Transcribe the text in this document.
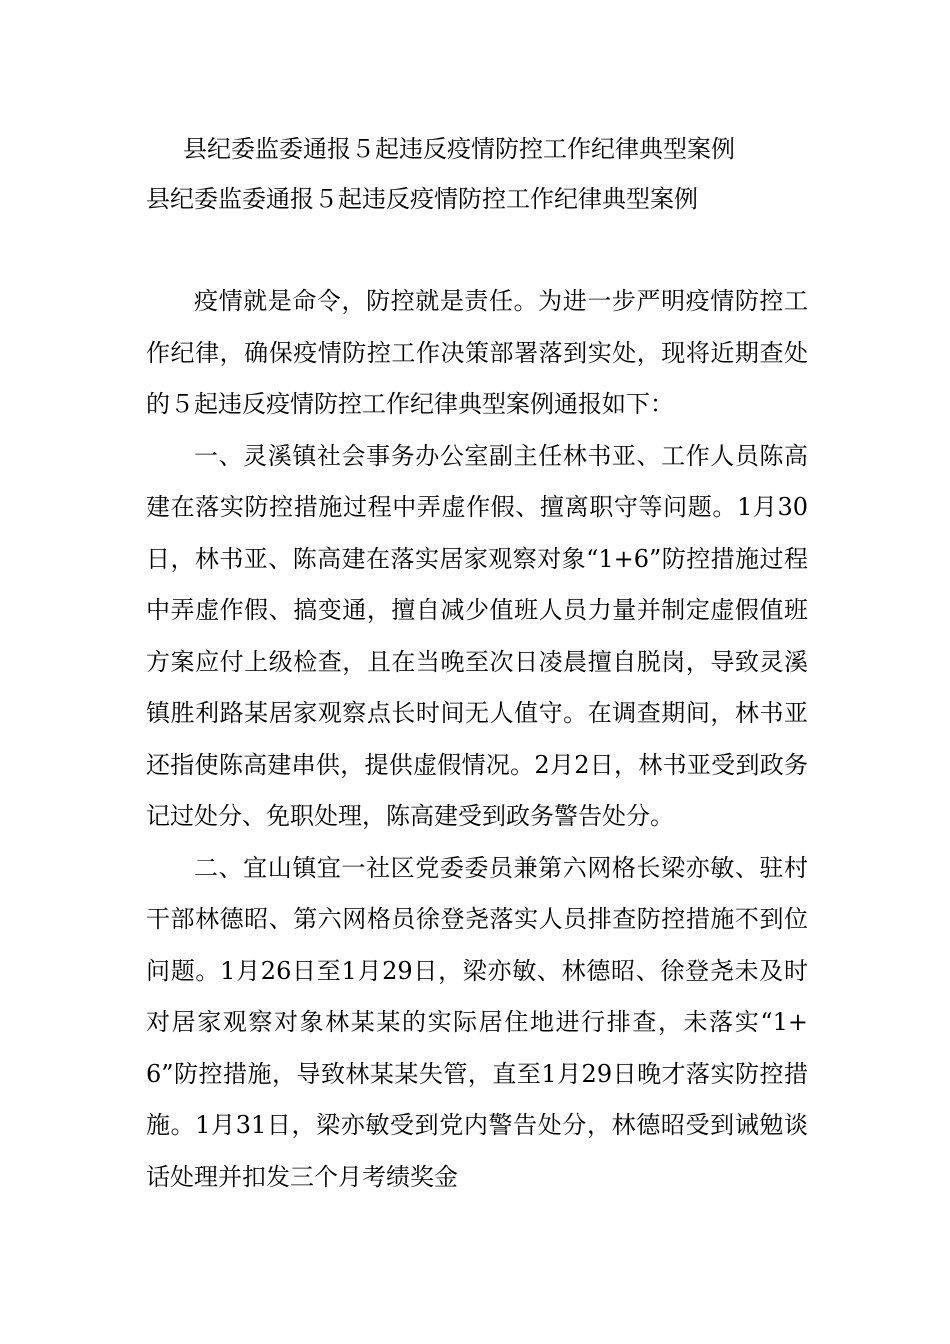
县纪委监委通报５起违反疫情防控工作纪律典型案例
县纪委监委通报５起违反疫情防控工作纪律典型案例

疫情就是命令，防控就是责任。为进一步严明疫情防控工作纪律，确保疫情防控工作决策部署落到实处，现将近期查处的５起违反疫情防控工作纪律典型案例通报如下：

一、灵溪镇社会事务办公室副主任林书亚、工作人员陈高建在落实防控措施过程中弄虚作假、擅离职守等问题。1月30日，林书亚、陈高建在落实居家观察对象“1+6”防控措施过程中弄虚作假、搞变通，擅自减少值班人员力量并制定虚假值班方案应付上级检查，且在当晚至次日凌晨擅自脱岗，导致灵溪镇胜利路某居家观察点长时间无人值守。在调查期间，林书亚还指使陈高建串供，提供虚假情况。2月2日，林书亚受到政务记过处分、免职处理，陈高建受到政务警告处分。

二、宜山镇宜一社区党委委员兼第六网格长梁亦敏、驻村干部林德昭、第六网格员徐登尧落实人员排查防控措施不到位问题。1月26日至1月29日，梁亦敏、林德昭、徐登尧未及时对居家观察对象林某某的实际居住地进行排查，未落实“1+6”防控措施，导致林某某失管，直至1月29日晚才落实防控措施。1月31日，梁亦敏受到党内警告处分，林德昭受到诫勉谈话处理并扣发三个月考绩奖金
